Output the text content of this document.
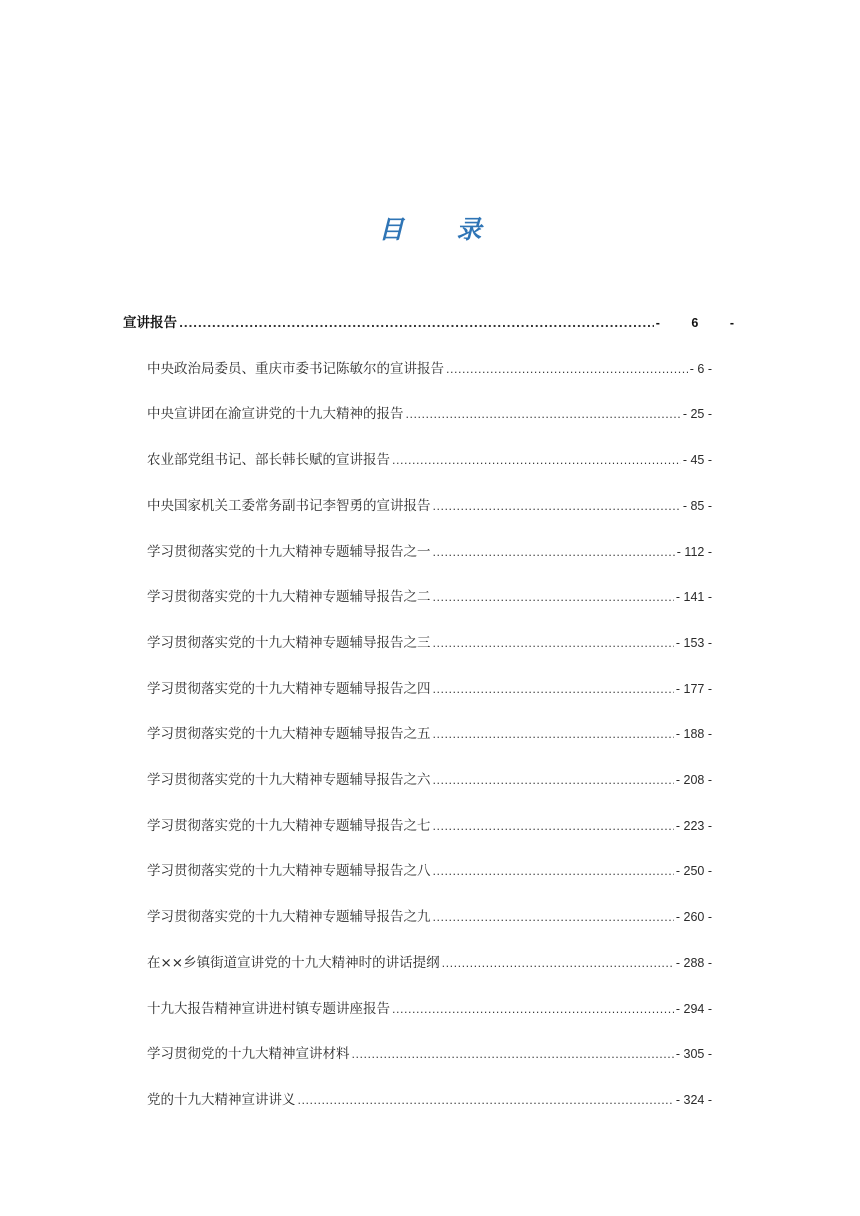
目 录
宣讲报告 .....	- 6 -
中央政治局委员、重庆市委书记陈敏尔的宣讲报告 .....	- 6 -
中央宣讲团在渝宣讲党的十九大精神的报告 .....	- 25 -
农业部党组书记、部长韩长赋的宣讲报告 .....	- 45 -
中央国家机关工委常务副书记李智勇的宣讲报告 .....	- 85 -
学习贯彻落实党的十九大精神专题辅导报告之一 .....	- 112 -
学习贯彻落实党的十九大精神专题辅导报告之二 .....	- 141 -
学习贯彻落实党的十九大精神专题辅导报告之三 .....	- 153 -
学习贯彻落实党的十九大精神专题辅导报告之四 .....	- 177 -
学习贯彻落实党的十九大精神专题辅导报告之五 .....	- 188 -
学习贯彻落实党的十九大精神专题辅导报告之六 .....	- 208 -
学习贯彻落实党的十九大精神专题辅导报告之七 .....	- 223 -
学习贯彻落实党的十九大精神专题辅导报告之八 .....	- 250 -
学习贯彻落实党的十九大精神专题辅导报告之九 .....	- 260 -
在××乡镇街道宣讲党的十九大精神时的讲话提纲 .....	- 288 -
十九大报告精神宣讲进村镇专题讲座报告 .....	- 294 -
学习贯彻党的十九大精神宣讲材料 .....	- 305 -
党的十九大精神宣讲讲义 .....	- 324 -
